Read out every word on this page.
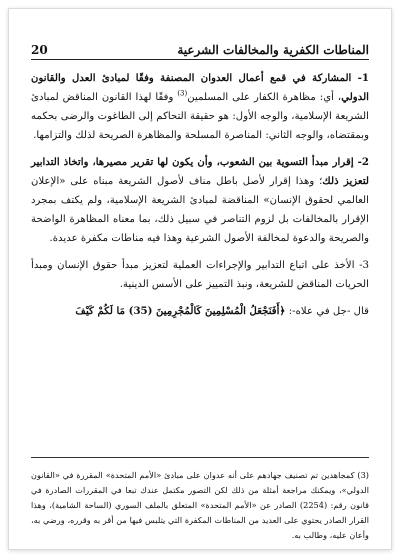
المناطات الكفرية والمخالفات الشرعية
20

1- المشاركة في قمع أعمال العدوان المصنفة وفقًا لمبادئ العدل والقانون الدولي، أي: مظاهرة الكفار على المسلمين$^{(3)}$ وفقًا لهذا القانون المناقض لمبادئ الشريعة الإسلامية، والوجه الأول: هو حقيقة التحاكم إلى الطاغوت والرضى بحكمه وبمقتضاه، والوجه الثاني: المناصرة المسلحة والمظاهرة الصريحة لذلك والتزامها.

2- إقرار مبدأ التسوية بين الشعوب، وأن يكون لها تقرير مصيرها، واتخاذ التدابير لتعزيز ذلك؛ وهذا إقرار لأصل باطل مناف لأصول الشريعة مبناه على «الإعلان العالمي لحقوق الإنسان» المناقضة لمبادئ الشريعة الإسلامية، ولم يكتف بمجرد الإقرار بالمخالفات بل لزوم التناصر في سبيل ذلك، بما معناه المظاهرة الواضحة والصريحة والدعوة لمخالفة الأصول الشرعية وهذا فيه مناطات مكفرة عديدة.

3- الأخذ على اتباع التدابير والإجراءات العملية لتعزيز مبدأ حقوق الإنسان ومبدأ الحريات المناقض للشريعة، ونبذ التمييز على الأسس الدينية.

قال -جل في علاه-: ﴿أَفَنَجْعَلُ الْمُسْلِمِينَ كَالْمُجْرِمِينَ (35) مَا لَكُمْ كَيْفَ

(3) كمجاهدين تم تصنيف جهادهم على أنه عدوان على مبادئ «الأمم المتحدة» المقررة في «القانون الدولي»، ويمكنك مراجعة أمثلة من ذلك لكن التصور مكتمل عندك تبعا في المقررات الصادرة في قانون رقم: (2254) الصادر عن «الأمم المتحدة» المتعلق بالملف السوري (الساحة الشامية)، وهذا القرار الصادر يحتوي على العديد من المناطات المكفرة التي يتلبس فيها من أقر به وقرره، ورضي به، وأعان عليه، وطالب به.
